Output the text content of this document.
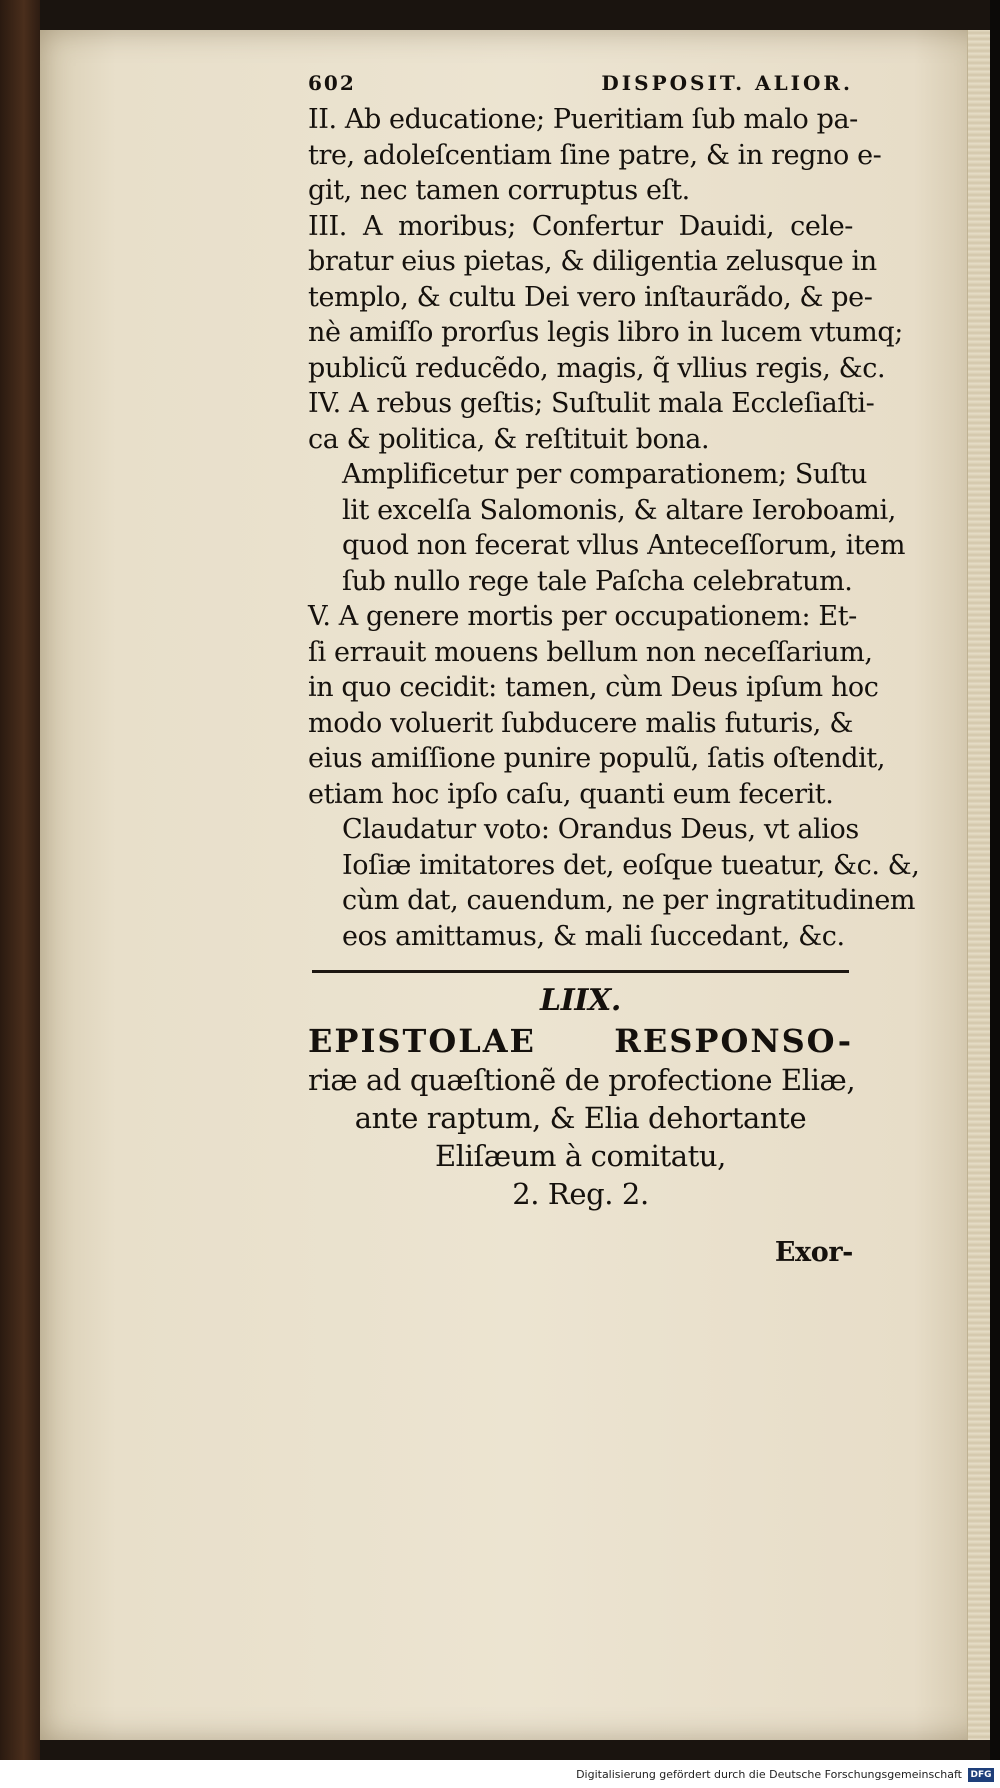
602	DISPOSIT. ALIOR.
II. Ab educatione; Pueritiam ſub malo pa-
tre, adoleſcentiam ſine patre, & in regno e-
git, nec tamen corruptus eſt.
III. A moribus; Confertur Dauidi, cele-
bratur eius pietas, & diligentia zelusque in
templo, & cultu Dei vero inſtaurãdo, & pe-
nè amiſſo prorſus legis libro in lucem vtumq;
publicũ reducẽdo, magis, q̃ vllius regis, &c.
IV. A rebus geſtis; Suſtulit mala Eccleſiaſti-
ca & politica, & reſtituit bona.
Amplificetur per comparationem; Suſtu
lit excelſa Salomonis, & altare Ieroboami,
quod non fecerat vllus Anteceſſorum, item
ſub nullo rege tale Paſcha celebratum.
V. A genere mortis per occupationem: Et-
ſi errauit mouens bellum non neceſſarium,
in quo cecidit: tamen, cùm Deus ipſum hoc
modo voluerit ſubducere malis futuris, &
eius amiſſione punire populũ, ſatis oſtendit,
etiam hoc ipſo caſu, quanti eum fecerit.
Claudatur voto: Orandus Deus, vt alios
Ioſiæ imitatores det, eoſque tueatur, &c. &,
cùm dat, cauendum, ne per ingratitudinem
eos amittamus, & mali ſuccedant, &c.
LIIX.
EPISTOLAE RESPONSO-
riæ ad quæſtionẽ de profectione Eliæ,
ante raptum, & Elia dehortante
Eliſæum à comitatu,
2. Reg. 2.
Exor-
Digitalisierung gefördert durch die Deutsche Forschungsgemeinschaft DFG
